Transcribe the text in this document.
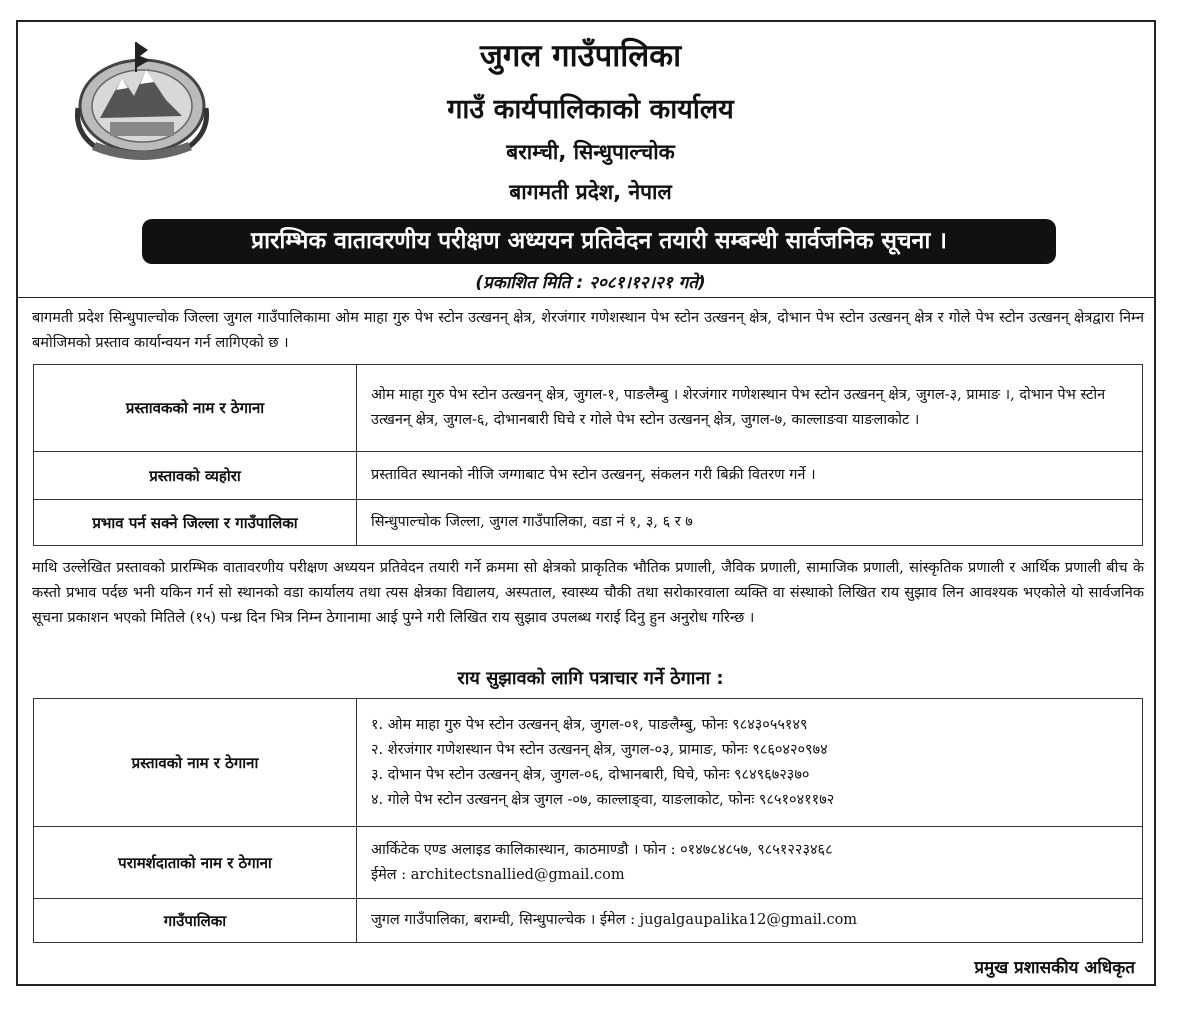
जुगल गाउँपालिका
गाउँ कार्यपालिकाको कार्यालय
बराम्ची, सिन्धुपाल्चोक
बागमती प्रदेश, नेपाल
प्रारम्भिक वातावरणीय परीक्षण अध्ययन प्रतिवेदन तयारी सम्बन्धी सार्वजनिक सूचना ।
(प्रकाशित मिति : २०८१।१२।२१ गते)
बागमती प्रदेश सिन्धुपाल्चोक जिल्ला जुगल गाउँपालिकामा ओम माहा गुरु पेभ स्टोन उत्खनन् क्षेत्र, शेरजंगार गणेशस्थान पेभ स्टोन उत्खनन् क्षेत्र, दोभान पेभ स्टोन उत्खनन् क्षेत्र र गोले पेभ स्टोन उत्खनन् क्षेत्रद्वारा निम्न बमोजिमको प्रस्ताव कार्यान्वयन गर्न लागिएको छ ।
प्रस्तावकको नाम र ठेगाना	ओम माहा गुरु पेभ स्टोन उत्खनन् क्षेत्र, जुगल-१, पाङलैम्बु । शेरजंगार गणेशस्थान पेभ स्टोन उत्खनन् क्षेत्र, जुगल-३, प्रामाङ ।, दोभान पेभ स्टोन उत्खनन् क्षेत्र, जुगल-६, दोभानबारी घिचे र गोले पेभ स्टोन उत्खनन् क्षेत्र, जुगल-७, काल्लाङवा याङलाकोट ।
प्रस्तावको व्यहोरा	प्रस्तावित स्थानको नीजि जग्गाबाट पेभ स्टोन उत्खनन्, संकलन गरी बिक्री वितरण गर्ने ।
प्रभाव पर्न सक्ने जिल्ला र गाउँपालिका	सिन्धुपाल्चोक जिल्ला, जुगल गाउँपालिका, वडा नं १, ३, ६ र ७
माथि उल्लेखित प्रस्तावको प्रारम्भिक वातावरणीय परीक्षण अध्ययन प्रतिवेदन तयारी गर्ने क्रममा सो क्षेत्रको प्राकृतिक भौतिक प्रणाली, जैविक प्रणाली, सामाजिक प्रणाली, सांस्कृतिक प्रणाली र आर्थिक प्रणाली बीच के कस्तो प्रभाव पर्दछ भनी यकिन गर्न सो स्थानको वडा कार्यालय तथा त्यस क्षेत्रका विद्यालय, अस्पताल, स्वास्थ्य चौकी तथा सरोकारवाला व्यक्ति वा संस्थाको लिखित राय सुझाव लिन आवश्यक भएकोले यो सार्वजनिक सूचना प्रकाशन भएको मितिले (१५) पन्ध्र दिन भित्र निम्न ठेगानामा आई पुग्ने गरी लिखित राय सुझाव उपलब्ध गराई दिनु हुन अनुरोध गरिन्छ ।
राय सुझावको लागि पत्राचार गर्ने ठेगाना :
प्रस्तावको नाम र ठेगाना	१. ओम माहा गुरु पेभ स्टोन उत्खनन् क्षेत्र, जुगल-०१, पाङलैम्बु, फोनः ९८४३०५५१४९
२. शेरजंगार गणेशस्थान पेभ स्टोन उत्खनन् क्षेत्र, जुगल-०३, प्रामाङ, फोनः ९८६०४२०९७४
३. दोभान पेभ स्टोन उत्खनन् क्षेत्र, जुगल-०६, दोभानबारी, घिचे, फोनः ९८४९६७२३७०
४. गोले पेभ स्टोन उत्खनन् क्षेत्र जुगल -०७, काल्लाङ्वा, याङलाकोट, फोनः ९८५१०४११७२

परामर्शदाताको नाम र ठेगाना	आर्किटेक एण्ड अलाइड कालिकास्थान, काठमाण्डौ । फोन : ०१४७८४८५७, ९८५१२२३४६८
ईमेल : architectsnallied@gmail.com

गाउँपालिका	जुगल गाउँपालिका, बराम्ची, सिन्धुपाल्चेक । ईमेल : jugalgaupalika12@gmail.com
प्रमुख प्रशासकीय अधिकृत
